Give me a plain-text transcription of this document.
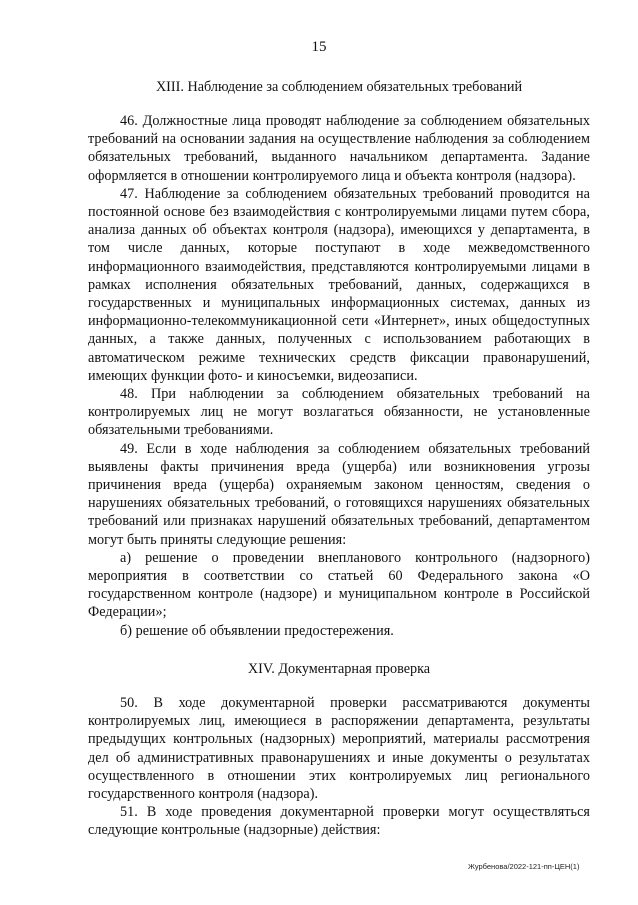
15
XIII. Наблюдение за соблюдением обязательных требований

46. Должностные лица проводят наблюдение за соблюдением обязательных требований на основании задания на осуществление наблюдения за соблюдением обязательных требований, выданного начальником департамента. Задание оформляется в отношении контролируемого лица и объекта контроля (надзора).

47. Наблюдение за соблюдением обязательных требований проводится на постоянной основе без взаимодействия с контролируемыми лицами путем сбора, анализа данных об объектах контроля (надзора), имеющихся у департамента, в том числе данных, которые поступают в ходе межведомственного информационного взаимодействия, представляются контролируемыми лицами в рамках исполнения обязательных требований, данных, содержащихся в государственных и муниципальных информационных системах, данных из информационно-телекоммуникационной сети «Интернет», иных общедоступных данных, а также данных, полученных с использованием работающих в автоматическом режиме технических средств фиксации правонарушений, имеющих функции фото- и киносъемки, видеозаписи.

48. При наблюдении за соблюдением обязательных требований на контролируемых лиц не могут возлагаться обязанности, не установленные обязательными требованиями.

49. Если в ходе наблюдения за соблюдением обязательных требований выявлены факты причинения вреда (ущерба) или возникновения угрозы причинения вреда (ущерба) охраняемым законом ценностям, сведения о нарушениях обязательных требований, о готовящихся нарушениях обязательных требований или признаках нарушений обязательных требований, департаментом могут быть приняты следующие решения:

а) решение о проведении внепланового контрольного (надзорного) мероприятия в соответствии со статьей 60 Федерального закона «О государственном контроле (надзоре) и муниципальном контроле в Российской Федерации»;

б) решение об объявлении предостережения.

XIV. Документарная проверка

50. В ходе документарной проверки рассматриваются документы контролируемых лиц, имеющиеся в распоряжении департамента, результаты предыдущих контрольных (надзорных) мероприятий, материалы рассмотрения дел об административных правонарушениях и иные документы о результатах осуществленного в отношении этих контролируемых лиц регионального государственного контроля (надзора).

51. В ходе проведения документарной проверки могут осуществляться следующие контрольные (надзорные) действия:

Журбенова/2022-121-пп-ЦЕН(1)
